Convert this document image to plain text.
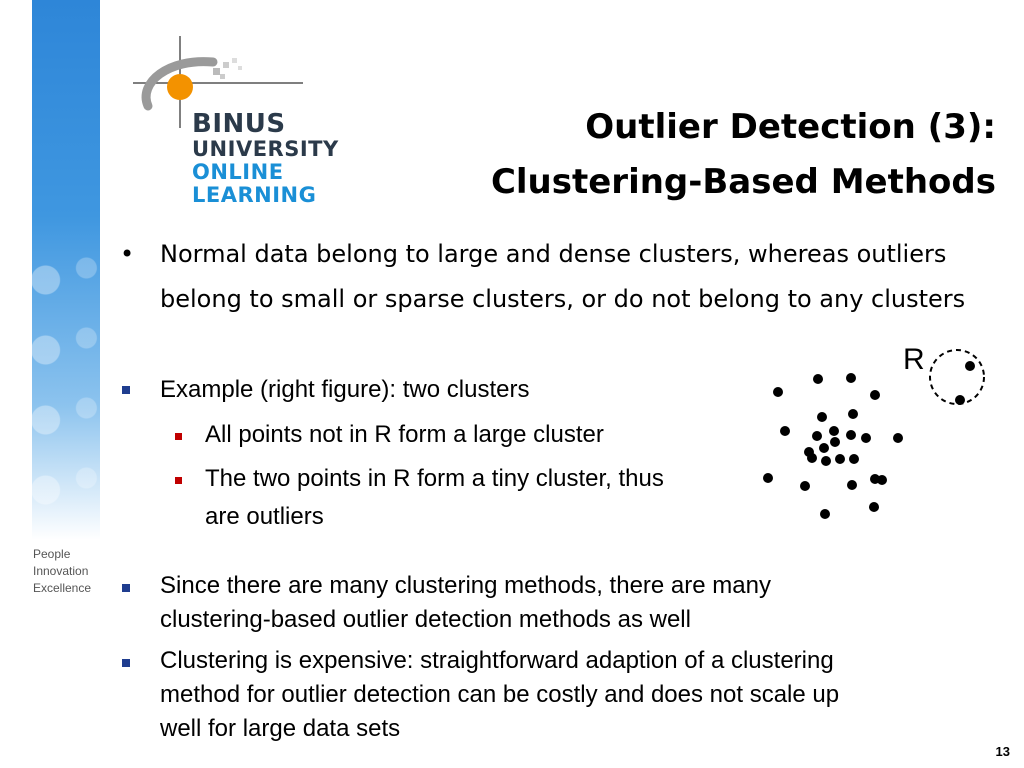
People
Innovation
Excellence
BINUS
UNIVERSITY
ONLINE
LEARNING
Outlier Detection (3):
Clustering-Based Methods
• Normal data belong to large and dense clusters, whereas outliers belong to small or sparse clusters, or do not belong to any clusters
Example (right figure): two clusters
All points not in R form a large cluster
The two points in R form a tiny cluster, thus
are outliers
Since there are many clustering methods, there are many
clustering-based outlier detection methods as well
Clustering is expensive: straightforward adaption of a clustering
method for outlier detection can be costly and does not scale up
well for large data sets
R
13
